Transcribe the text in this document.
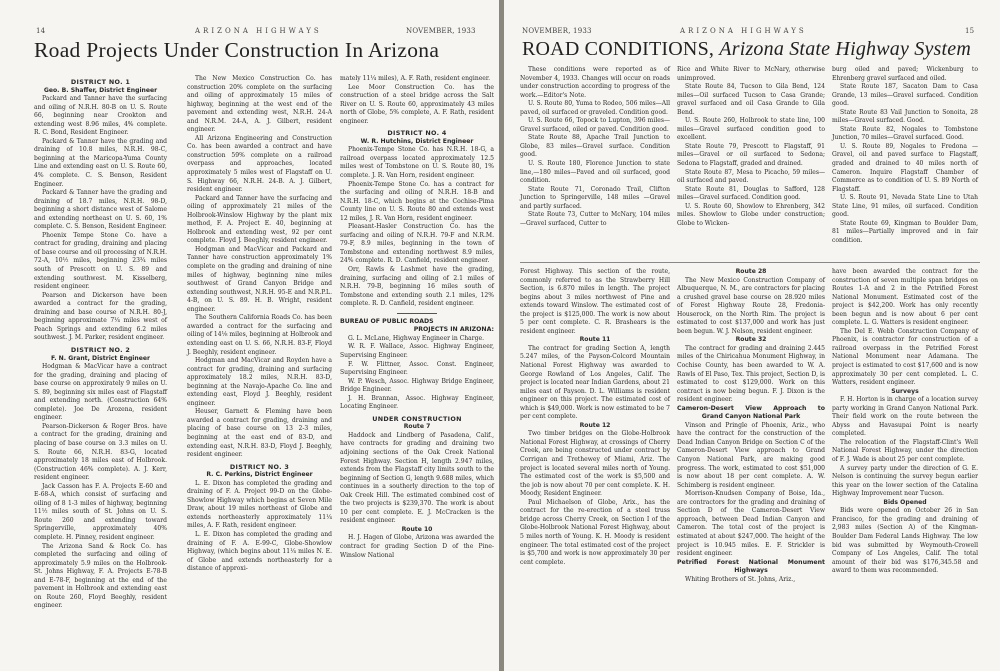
14	ARIZONA HIGHWAYS	NOVEMBER, 1933
Road Projects Under Construction In Arizona
DISTRICT NO. 1
Geo. B. Shaffer, District Engineer

Packard and Tanner have the surfacing and oiling of N.R.H. 80-B on U. S. Route 66, beginning near Crookton and extending west 8.96 miles, 4% complete. R. C. Bond, Resident Engineer.

Packard & Tanner have the grading and draining of 10.8 miles, N.R.H. 98-C, beginning at the Maricopa-Yuma County Line and extending east on U. S. Route 60, 4% complete. C. S. Benson, Resident Engineer.

Packard & Tanner have the grading and draining of 18.7 miles, N.R.H. 98-D, beginning a short distance west of Salome and extending northeast on U. S. 60, 1% complete. C. S. Benson, Resident Engineer.

Phoenix Tempe Stone Co. have a contract for grading, draining and placing of base course and oil processing of N.R.H. 72-A, 10½ miles, beginning 23¾ miles south of Prescott on U. S. 89 and extending southwest. M. Kisselberg, resident engineer.

Pearson and Dickerson have been awarded a contract for the grading, draining and base course of N.R.H. 80-J, beginning approximate 7¼ miles west of Peach Springs and extending 6.2 miles southwest. J. M. Parker, resident engineer.

DISTRICT NO. 2
F. N. Grant, District Engineer

Hodgman & MacVicar have a contract for the grading, draining and placing of base course on approxirately 9 miles on U. S. 89, beginning six miles east of Flagstaff and extending north. (Construction 64% complete). Joe De Arozena, resident engineer.

Pearson-Dickerson & Roger Bros. have a contract for the grading, draining and placing of base course on 3.3 miles on U. S. Route 66, N.R.H. 83-G, located approximately 18 miles east of Holbrook. (Construction 46% complete). A. J. Kerr, resident engineer.

Jack Casson has F. A. Projects E-60 and E-68-A, which consist of surfacing and oiling of 8 1-3 miles of highway, beginning 11½ miles south of St. Johns on U. S. Route 260 and extending toward Springerville, approximately 40% complete. H. Pinney, resident engineer.

The Arizona Sand & Rock Co. has completed the surfacing and oiling of approximately 5.9 miles on the Holbrook-St. Johns Highway, F. A. Projects E-78-B and E-78-F, beginning at the end of the pavement in Holbrook and extending east on Route 260, Floyd Beeghly, resident engineer.

The New Mexico Construction Co. has construction 20% complete on the surfacing and oiling of approximately 15 miles of highway, beginning at the west end of the pavement and extending west, N.R.H. 24-A and N.R.M. 24-A, A. J. Gilbert, resident engineer.

All Arizona Engineering and Construction Co. has been awarded a contract and have construction 59% complete on a railroad overpass and approaches, located approximately 5 miles west of Flagstaff on U. S. Highway 66, N.R.H. 24-B. A. J. Gilbert, resident engineer.

Packard and Tanner have the surfacing and oiling of approximately 21 miles of the Holbrook-Winslow Highway by the plant mix method, F. A. Project E. 40, beginning at Holbrook and extending west, 92 per cent complete. Floyd J. Beeghly, resident engineer.

Hodgman and MacVicar and Packard and Tanner have construction approximately 1% complete on the grading and draining of nine miles of highway, beginning nine miles southwest of Grand Canyon Bridge and extending southwest, N.R.H. 95-E and N.R.P.L. 4-B, on U. S. 89. H. B. Wright, resident engineer.

The Southern California Roads Co. has been awarded a contract for the surfacing and oiling of 14⅛ miles, beginning at Holbrook and extending east on U. S. 66, N.R.H. 83-F, Floyd J. Beeghly, resident engineer.

Hodgman and MacVicar and Royden have a contract for grading, draining and surfacing approximately 18.2 miles, N.R.H. 83-D, beginning at the Navajo-Apache Co. line and extending east, Floyd J. Beeghly, resident engineer.

Heuser, Garnett & Fleming have been awarded a contract for grading, draining and placing of base course on 13 2-3 miles, beginning at the east end of 83-D, and extending east, N.R.H. 83-D, Floyd J. Beeghly, resident engineer.

DISTRICT NO. 3
R. C. Perkins, District Engineer

L. E. Dixon has completed the grading and draining of F. A. Project 99-D on the Globe-Showlow Highway which begins at Seven Mile Draw, about 19 miles northeast of Globe and extends northeasterly approximately 11¼ miles, A. F. Rath, resident engineer.

L. E. Dixon has completed the grading and draining of F. A. E-99-C, Globe-Showlow Highway, (which begins about 11¼ miles N. E. of Globe and extends northeasterly for a distance of approxi-

mately 11¼ miles), A. F. Rath, resident engineer.

Lee Moor Construction Co. has the construction of a steel bridge across the Salt River on U. S. Route 60, approximately 43 miles north of Globe, 5% complete, A. F. Rath, resident engineer.

DISTRICT NO. 4
W. R. Hutchins, District Engineer

Phoenix-Tempe Stone Co. has N.R.H. 18-G, a railroad overpass located approximately 12.5 miles west of Tombstone on U. S. Route 80, 1% complete. J. R. Van Horn, resident engineer.

Phoenix-Tempe Stone Co. has a contract for the surfacing and oiling of N.R.H. 18-B and N.R.H. 18-C, which begins at the Cochise-Pima County line on U. S. Route 80 and extends west 12 miles, J. R. Van Horn, resident engineer.

Pleasant-Hasler Construction Co. has the surfacing and oiling of N.R.H. 79-F and N.R.M. 79-F, 8.9 miles, beginning in the town of Tombstone and extending northwest 8.9 miles, 24% complete. R. D. Canfield, resident engineer.

Orr, Rawls & Lashmet have the grading, draining, surfacing and oiling of 2.1 miles of N.R.H. 79-B, beginning 16 miles south of Tombstone and extending south 2.1 miles, 12% complete. R. D. Canfield, resident engineer.

BUREAU OF PUBLIC ROADS
PROJECTS IN ARIZONA:

G. L. McLane, Highway Engineer in Charge.

W. R. F. Wallace, Assoc. Highway Engineer, Supervising Engineer.

F. W. Flittner, Assoc. Const. Engineer, Supervising Engineer.

W. P. Wesch, Assoc. Highway Bridge Engineer, Bridge Engineer.

J. H. Brannan, Assoc. Highway Engineer, Locating Engineer.

UNDER CONSTRUCTION
Route 7

Haddock and Lindberg of Pasadena, Calif., have contracts for grading and draining two adjoining sections of the Oak Creek National Forest Highway. Section H, length 2.947 miles, extends from the Flagstaff city limits south to the beginning of Section G, length 9.688 miles, which continues in a southerly direction to the top of Oak Creek Hill. The estimated combined cost of the two projects is $239,370. The work is about 10 per cent complete. E. J. McCracken is the resident engineer.

Route 10

H. J. Hagen of Globe, Arizona was awarded the contract for grading Section D of the Pine-Winslow National

NOVEMBER, 1933	ARIZONA HIGHWAYS	15
ROAD CONDITIONS, Arizona State Highway System

These conditions were reported as of November 4, 1933. Changes will occur on roads under construction according to progress of the work.—Editor's Note.

U. S. Route 80, Yuma to Rodeo, 506 miles—All paved, oil surfaced or graveled. Condition good.

U. S. Route 66, Topock to Lupton, 396 miles—Gravel surfaced, oiled or paved. Condition good.

State Route 88, Apache Trail Junction to Globe, 83 miles—Gravel surface. Condition good.

U. S. Route 180, Florence Junction to state line,—180 miles—Paved and oil surfaced, good condition.

State Route 71, Coronado Trail, Clifton Junction to Springerville, 148 miles —Gravel and partly surfaced.

State Route 73, Cutter to McNary, 104 miles—Gravel surfaced, Cutter to

Rice and White River to McNary, otherwise unimproved.

State Route 84, Tucson to Gila Bend, 124 miles—Oil surfaced Tucson to Casa Grande; gravel surfaced and oil Casa Grande to Gila Bend.

U. S. Route 260, Holbrook to state line, 100 miles—Gravel surfaced condition good to excellent.

State Route 79, Prescott to Flagstaff, 91 miles—Gravel or oil surfaced to Sedona; Sedona to Flagstaff, graded and drained.

State Route 87, Mesa to Picacho, 59 miles—oil surfaced and paved.

State Route 81, Douglas to Safford, 128 miles—Gravel surfaced. Condition good.

U. S. Route 60, Showlow to Ehrenberg, 342 miles. Showlow to Globe under construction; Globe to Wicken-

burg oiled and paved; Wickenburg to Ehrenberg gravel surfaced and oiled.

State Route 187, Sacaton Dam to Casa Grande, 13 miles—Gravel surfaced. Condition good.

State Route 83 Vail Junction to Sonoita, 28 miles—Gravel surfaced. Good.

State Route 82, Nogales to Tombstone Junction, 70 miles—Gravel surfaced. Good.

U. S. Route 89, Nogales to Fredona —Gravel, oil and paved surface to Flagstaff, graded and drained to 40 miles north of Cameron. Inquire Flagstaff Chamber of Commerce as to condition of U. S. 89 North of Flagstaff.

U. S. Route 91, Nevada State Line to Utah State Line, 91 miles, oil surfaced. Condition good.

State Route 69, Kingman to Boulder Dam, 81 miles—Partially improved and in fair condition.

Forest Highway. This section of the route, commonly referred to as the Strawberry Hill Section, is 6.870 miles in length. The project begins about 3 miles northwest of Pine and extends toward Winslow. The estimated cost of the project is $125,000. The work is now about 5 per cent complete. C. R. Brashears is the resident engineer.

Route 11

The contract for grading Section A, length 5.247 miles, of the Payson-Colcord Mountain National Forest Highway was awarded to George Rowland of Los Angeles, Calif. The project is located near Indian Gardens, about 21 miles east of Payson. D. L. Williams is resident engineer on this project. The estimated cost of which is $49,000. Work is now estimated to be 7 per cent complete.

Route 12

Two timber bridges on the Globe-Holbrook National Forest Highway, at crossings of Cherry Creek, are being constructed under contract by Corrigan and Trethewey of Miami, Ariz. The project is located several miles north of Young. The estimated cost of the work is $5,500 and the job is now about 70 per cent complete. K. H. Moody, Resident Engineer.

Paul Michaelson of Globe, Arix., has the contract for the re-erection of a steel truss bridge across Cherry Creek, on Section I of the Globe-Holbrook National Forest Highway, about 5 miles north of Young. K. H. Moody is resident engineer. The total estimated cost of the project is $5,700 and work is now approximately 30 per cent complete.

Route 28

The New Mexico Construction Company of Albuquerque, N. M., are contractors for placing a crushed gravel base course on 28.920 miles of Forest Highway Route 28, Fredonia-Houserock, on the North Rim. The project is estimated to cost $137,000 and work has just been begun. W. J. Nelson, resident engineer.

Route 32

The contract for grading and draining 2.445 miles of the Chiricahua Monument Highway, in Cochise County, has been awarded to W. A. Rawls of El Paso, Tex. This project, Section D, is estimated to cost $129,000. Work on this contract is now being begun. F. J. Dixon is the resident engineer.

Cameron-Desert View Approach to
Grand Canyon National Park

Vinson and Pringle of Phoenix, Ariz., who have the contract for the construction of the Dead Indian Canyon Bridge on Section C of the Cameron-Desert View approach to Grand Canyon National Park, are making good progress. The work, estimated to cost $51,000 is now about 18 per cent complete. A. W. Schimberg is resident engineer.

Morrison-Knudsen Company of Boise, Ida., are contractors for the grading and draining of Section D of the Cameron-Desert View approach, between Dead Indian Canyon and Cameron. The total cost of the project is estimated at about $247,000. The height of the project is 10.945 miles. E. F. Strickler is resident engineer.

Petrified Forest National Monument
Highways

Whiting Brothers of St. Johns, Ariz.,

have been awarded the contract for the construction of seven multiple span bridges on Routes 1-A and 2 in the Petrified Forest National Monument. Estimated cost of the project is $42,200. Work has only recently been begun and is now about 6 per cent complete. L. G. Watters is resident engineer.

The Del E. Webb Construction Company of Phoenix, is contractor for construction of a railroad overpass in the Petrified Forest National Monument near Adamana. The project is estimated to cost $17,600 and is now approximately 30 per cent completed. L. C. Watters, resident engineer.

Surveys

F. H. Horton is in charge of a location survey party working in Grand Canyon National Park. Their field work on the route between the Abyss and Havasupai Point is nearly completed.

The relocation of the Flagstaff-Clint's Well National Forest Highway, under the direction of F. J. Wade is about 25 per cent complete.

A survey party under the direction of G. E. Nelson is continuing the survey begun earlier this year on the lower section of the Catalina Highway Improvement near Tucson.

Bids Opened

Bids were opened on October 26 in San Francisco, for the grading and draining of 2,983 miles (Section A) of the Kingman-Boulder Dam Federal Lands Highway. The low bid was submitted by Weymouth-Crowell Company of Los Angeles, Calif. The total amount of their bid was $176,345.58 and award to them was recommended.
